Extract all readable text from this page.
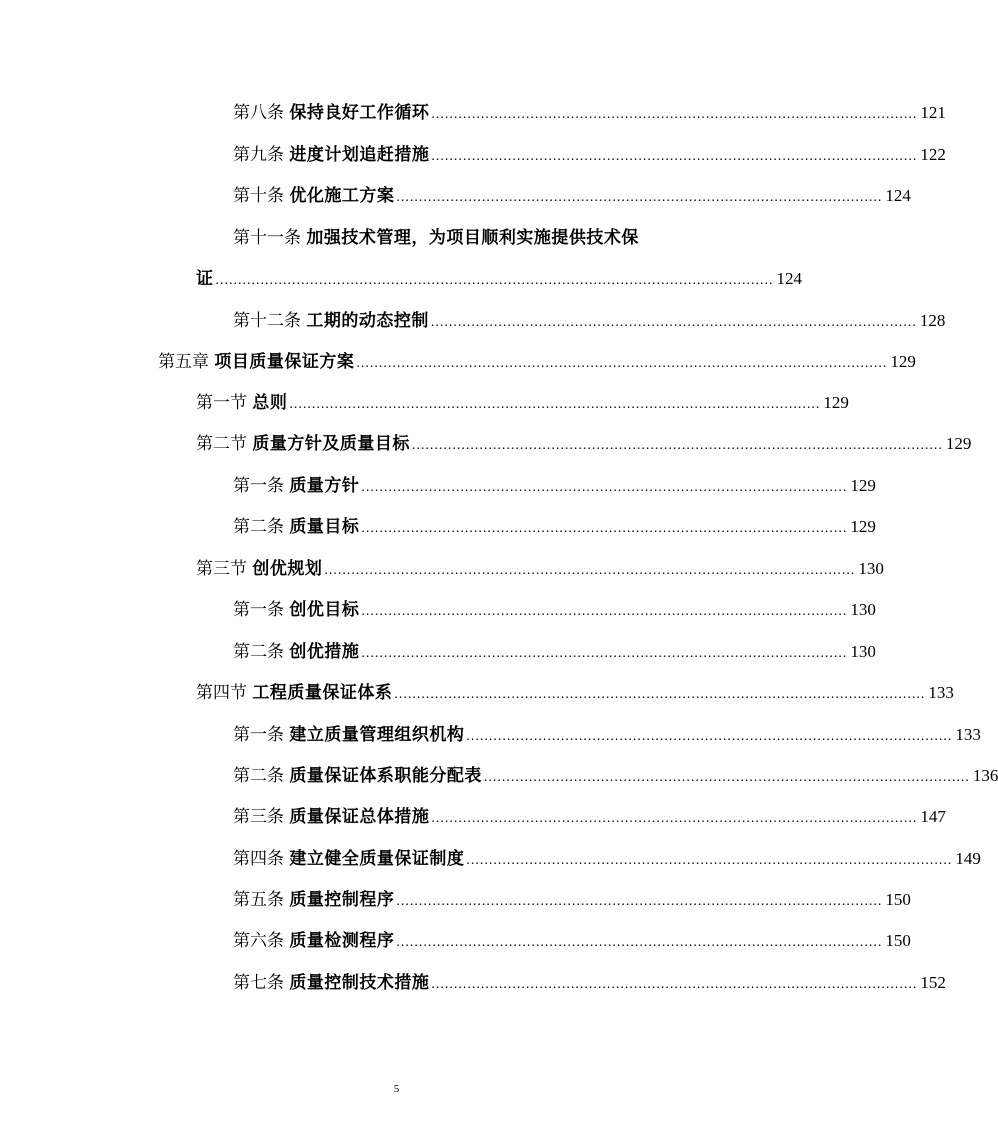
第八条
保持良好工作循环 ............................................................................................................ 121
第九条
进度计划追赶措施 ............................................................................................................ 122
第十条
优化施工方案 ............................................................................................................ 124
第十一条
加强技术管理，为项目顺利实施提供技术保
证 ............................................................................................................................ 124
第十二条
工期的动态控制 ............................................................................................................ 128
第五章
项目质量保证方案 ...................................................................................................................... 129
第一节
总则 ...................................................................................................................... 129
第二节
质量方针及质量目标 ...................................................................................................................... 129
第一条
质量方针 ............................................................................................................ 129
第二条
质量目标 ............................................................................................................ 129
第三节
创优规划 ...................................................................................................................... 130
第一条
创优目标 ............................................................................................................ 130
第二条
创优措施 ............................................................................................................ 130
第四节
工程质量保证体系 ...................................................................................................................... 133
第一条
建立质量管理组织机构 ............................................................................................................ 133
第二条
质量保证体系职能分配表 ............................................................................................................ 136
第三条
质量保证总体措施 ............................................................................................................ 147
第四条
建立健全质量保证制度 ............................................................................................................ 149
第五条
质量控制程序 ............................................................................................................ 150
第六条
质量检测程序 ............................................................................................................ 150
第七条
质量控制技术措施 ............................................................................................................ 152
5
